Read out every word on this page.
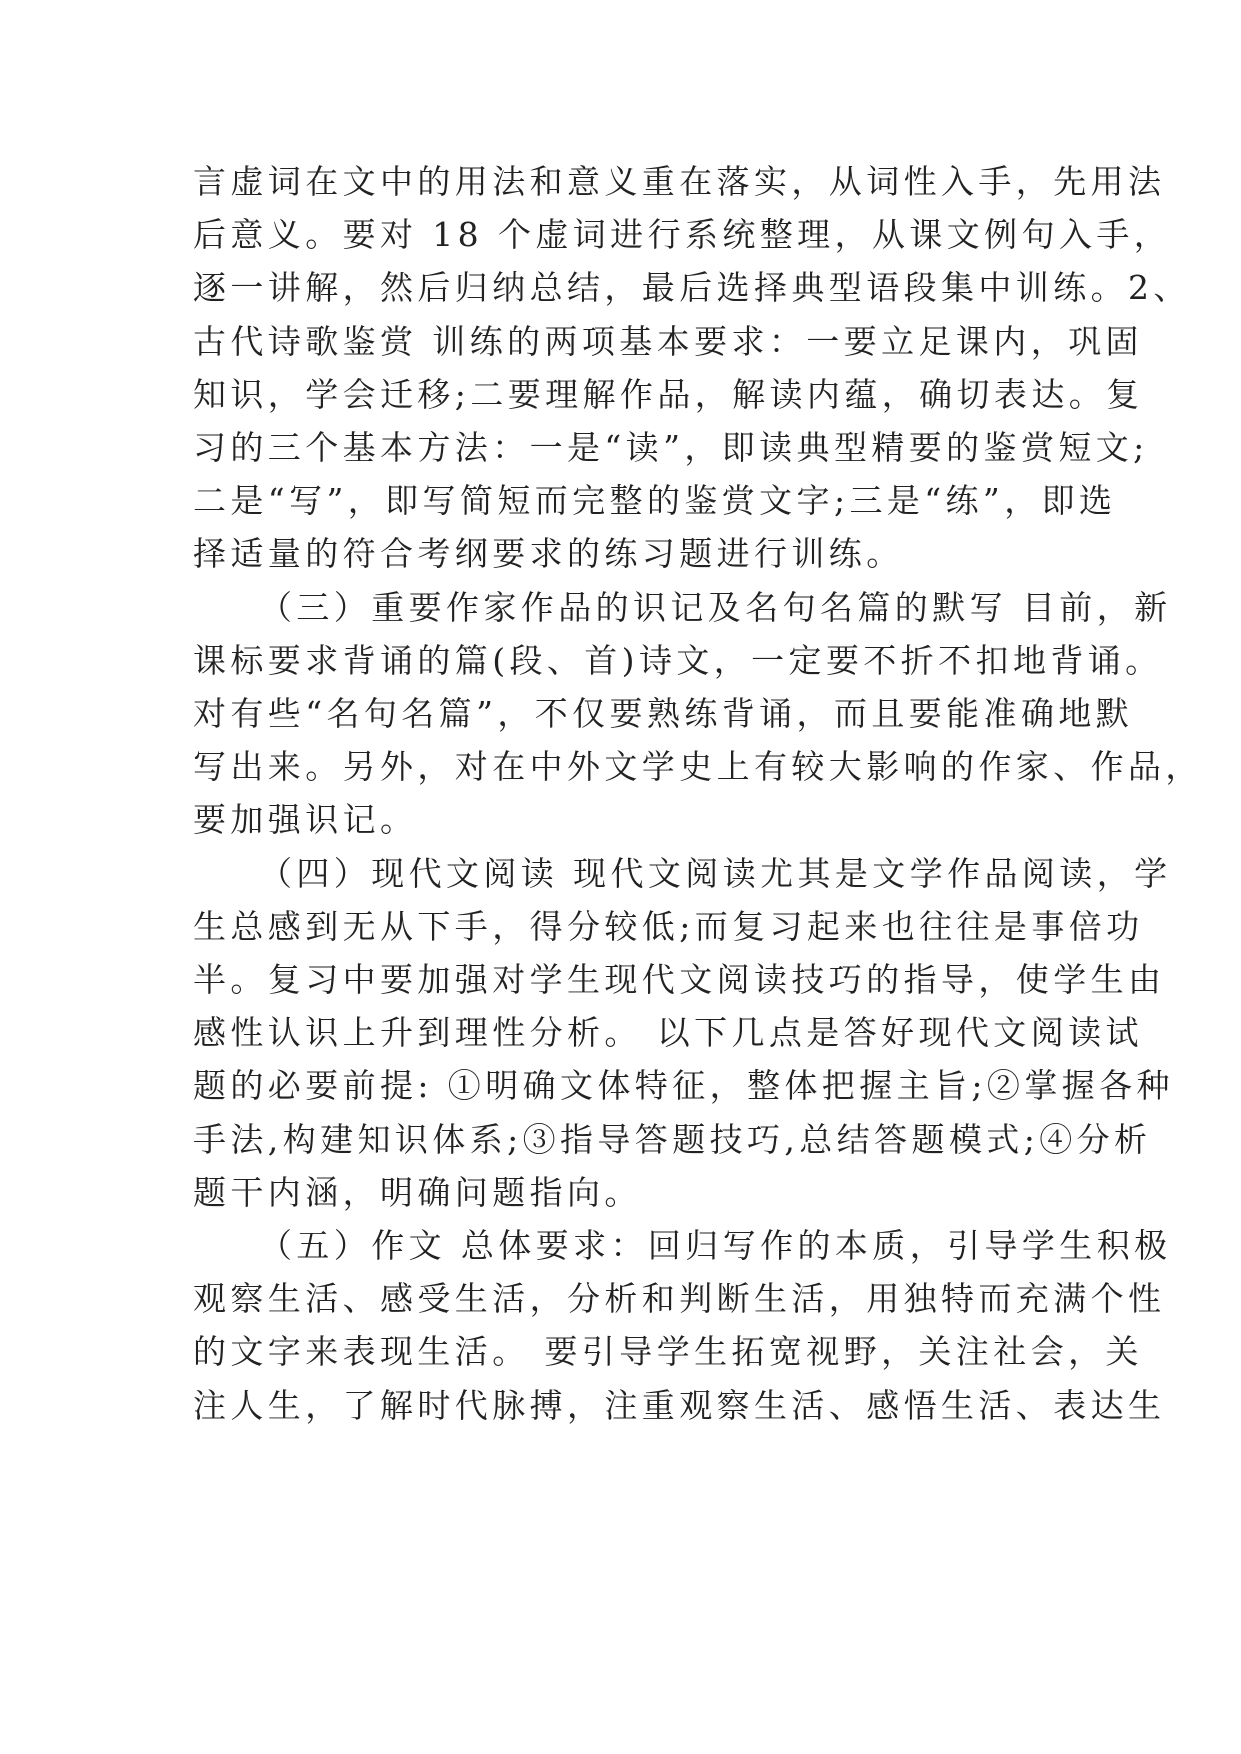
言虚词在文中的用法和意义重在落实，从词性入手，先用法
后意义。要对 18 个虚词进行系统整理，从课文例句入手，
逐一讲解，然后归纳总结，最后选择典型语段集中训练。2、
古代诗歌鉴赏 训练的两项基本要求：一要立足课内，巩固
知识，学会迁移;二要理解作品，解读内蕴，确切表达。复
习的三个基本方法：一是“读”，即读典型精要的鉴赏短文;
二是“写”，即写简短而完整的鉴赏文字;三是“练”，即选
择适量的符合考纲要求的练习题进行训练。
（三）重要作家作品的识记及名句名篇的默写 目前，新
课标要求背诵的篇(段、首)诗文，一定要不折不扣地背诵。
对有些“名句名篇”，不仅要熟练背诵，而且要能准确地默
写出来。另外，对在中外文学史上有较大影响的作家、作品，
要加强识记。
（四）现代文阅读 现代文阅读尤其是文学作品阅读，学
生总感到无从下手，得分较低;而复习起来也往往是事倍功
半。复习中要加强对学生现代文阅读技巧的指导，使学生由
感性认识上升到理性分析。 以下几点是答好现代文阅读试
题的必要前提: ①明确文体特征，整体把握主旨;②掌握各种
手法,构建知识体系;③指导答题技巧,总结答题模式;④分析
题干内涵，明确问题指向。
（五）作文 总体要求：回归写作的本质，引导学生积极
观察生活、感受生活，分析和判断生活，用独特而充满个性
的文字来表现生活。 要引导学生拓宽视野，关注社会，关
注人生，了解时代脉搏，注重观察生活、感悟生活、表达生
